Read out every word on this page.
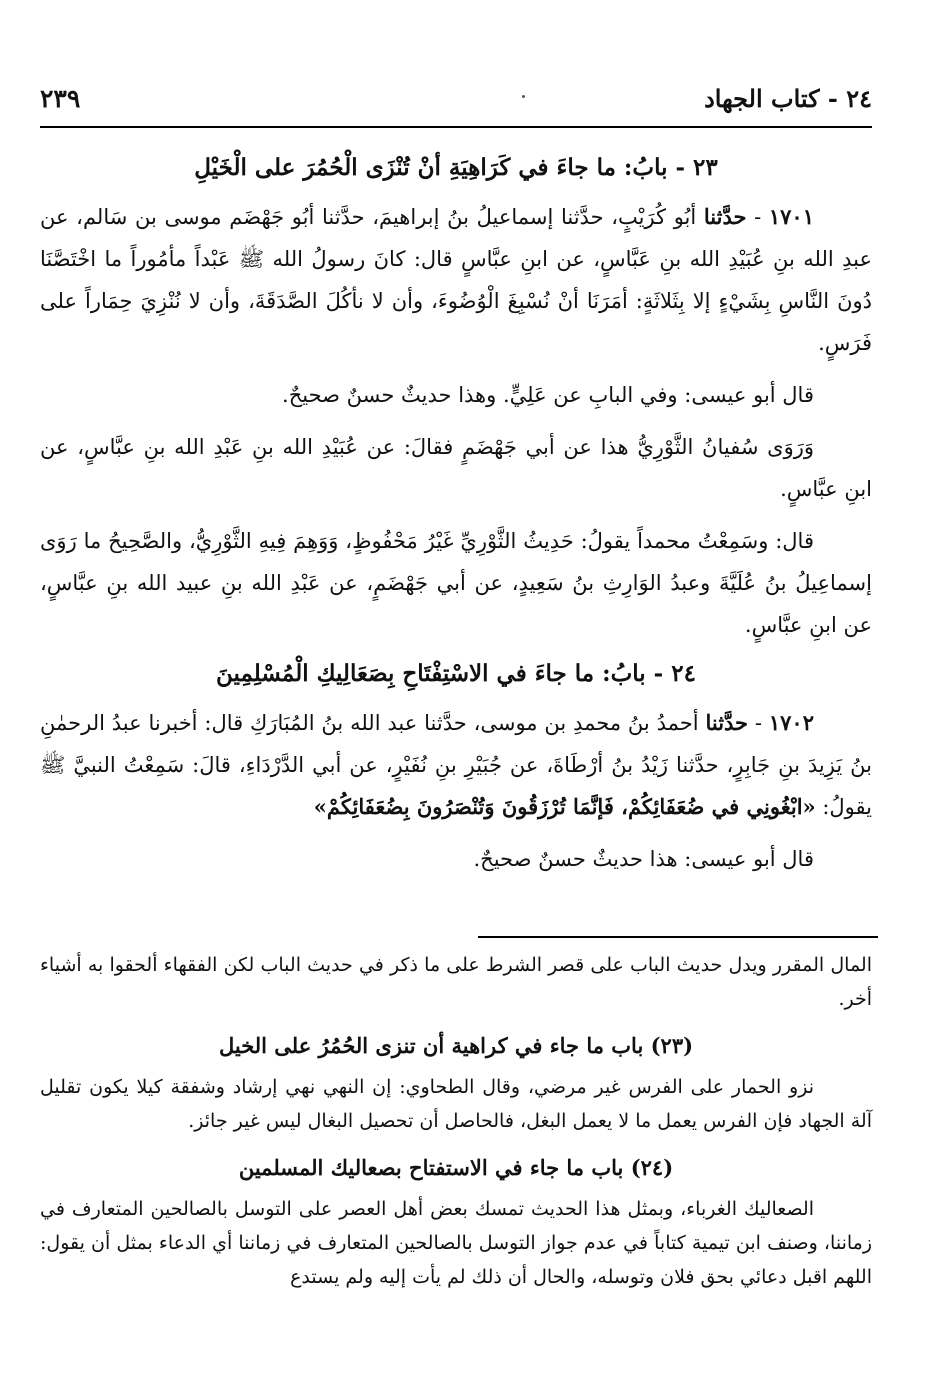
٢٤ - كتاب الجهاد
٢٣٩

٢٣ - بابُ: ما جاءَ في كَرَاهِيَةِ أنْ تُنْزَى الْحُمُرَ على الْخَيْلِ

١٧٠١ - حدَّثنا أبُو كُرَيْبٍ، حدَّثنا إسماعيلُ بنُ إبراهيمَ، حدَّثنا أبُو جَهْضَم موسى بن سَالم، عن عبدِ الله بنِ عُبَيْدِ الله بنِ عَبَّاسٍ، عن ابنِ عبَّاسٍ قال: كانَ رسولُ الله ﷺ عَبْداً مأمُوراً ما اخْتَصَّنَا دُونَ النَّاسِ بِشَيْءٍ إلا بِثَلاثَةٍ: أمَرَنَا أنْ نُسْبِغَ الْوُضُوءَ، وأن لا نأكُلَ الصَّدَقَةَ، وأن لا نُنْزِيَ حِمَاراً على فَرَسٍ.

قال أبو عيسى: وفي البابِ عن عَلِيٍّ. وهذا حديثٌ حسنٌ صحيحٌ.

وَرَوَى سُفيانُ الثَّوْرِيُّ هذا عن أبي جَهْضَمٍ فقالَ: عن عُبَيْدِ الله بنِ عَبْدِ الله بنِ عبَّاسٍ، عن ابنِ عبَّاسٍ.

قال: وسَمِعْتُ محمداً يقولُ: حَدِيثُ الثَّوْرِيِّ غَيْرُ مَحْفُوظٍ، وَوَهِمَ فِيهِ الثَّوْرِيُّ، والصَّحِيحُ ما رَوَى إسماعِيلُ بنُ عُلَيَّةَ وعبدُ الوَارِثِ بنُ سَعِيدٍ، عن أبي جَهْضَمٍ، عن عَبْدِ الله بنِ عبيد الله بنِ عبَّاسٍ، عن ابنِ عبَّاسٍ.

٢٤ - بابُ: ما جاءَ في الاسْتِفْتَاحِ بِصَعَالِيكِ الْمُسْلِمِينَ

١٧٠٢ - حدَّثنا أحمدُ بنُ محمدِ بن موسى، حدَّثنا عبد الله بنُ المُبَارَكِ قال: أخبرنا عبدُ الرحمٰنِ بنُ يَزِيدَ بنِ جَابِرٍ، حدَّثنا زَيْدُ بنُ أرْطَاةَ، عن جُبَيْرِ بنِ نُفَيْرٍ، عن أبي الدَّرْدَاءِ، قالَ: سَمِعْتُ النبيَّ ﷺ يقولُ: «ابْغُونِي في ضُعَفَائِكُمْ، فَإنَّمَا تُرْزَقُونَ وَتُنْصَرُونَ بِضُعَفَائِكُمْ»

قال أبو عيسى: هذا حديثٌ حسنٌ صحيحٌ.

المال المقرر ويدل حديث الباب على قصر الشرط على ما ذكر في حديث الباب لكن الفقهاء ألحقوا به أشياء أخر.

(٢٣) باب ما جاء في كراهية أن تنزى الحُمُرُ على الخيل

نزو الحمار على الفرس غير مرضي، وقال الطحاوي: إن النهي نهي إرشاد وشفقة كيلا يكون تقليل آلة الجهاد فإن الفرس يعمل ما لا يعمل البغل، فالحاصل أن تحصيل البغال ليس غير جائز.

(٢٤) باب ما جاء في الاستفتاح بصعاليك المسلمين

الصعاليك الغرباء، وبمثل هذا الحديث تمسك بعض أهل العصر على التوسل بالصالحين المتعارف في زماننا، وصنف ابن تيمية كتاباً في عدم جواز التوسل بالصالحين المتعارف في زماننا أي الدعاء بمثل أن يقول: اللهم اقبل دعائي بحق فلان وتوسله، والحال أن ذلك لم يأت إليه ولم يستدع
